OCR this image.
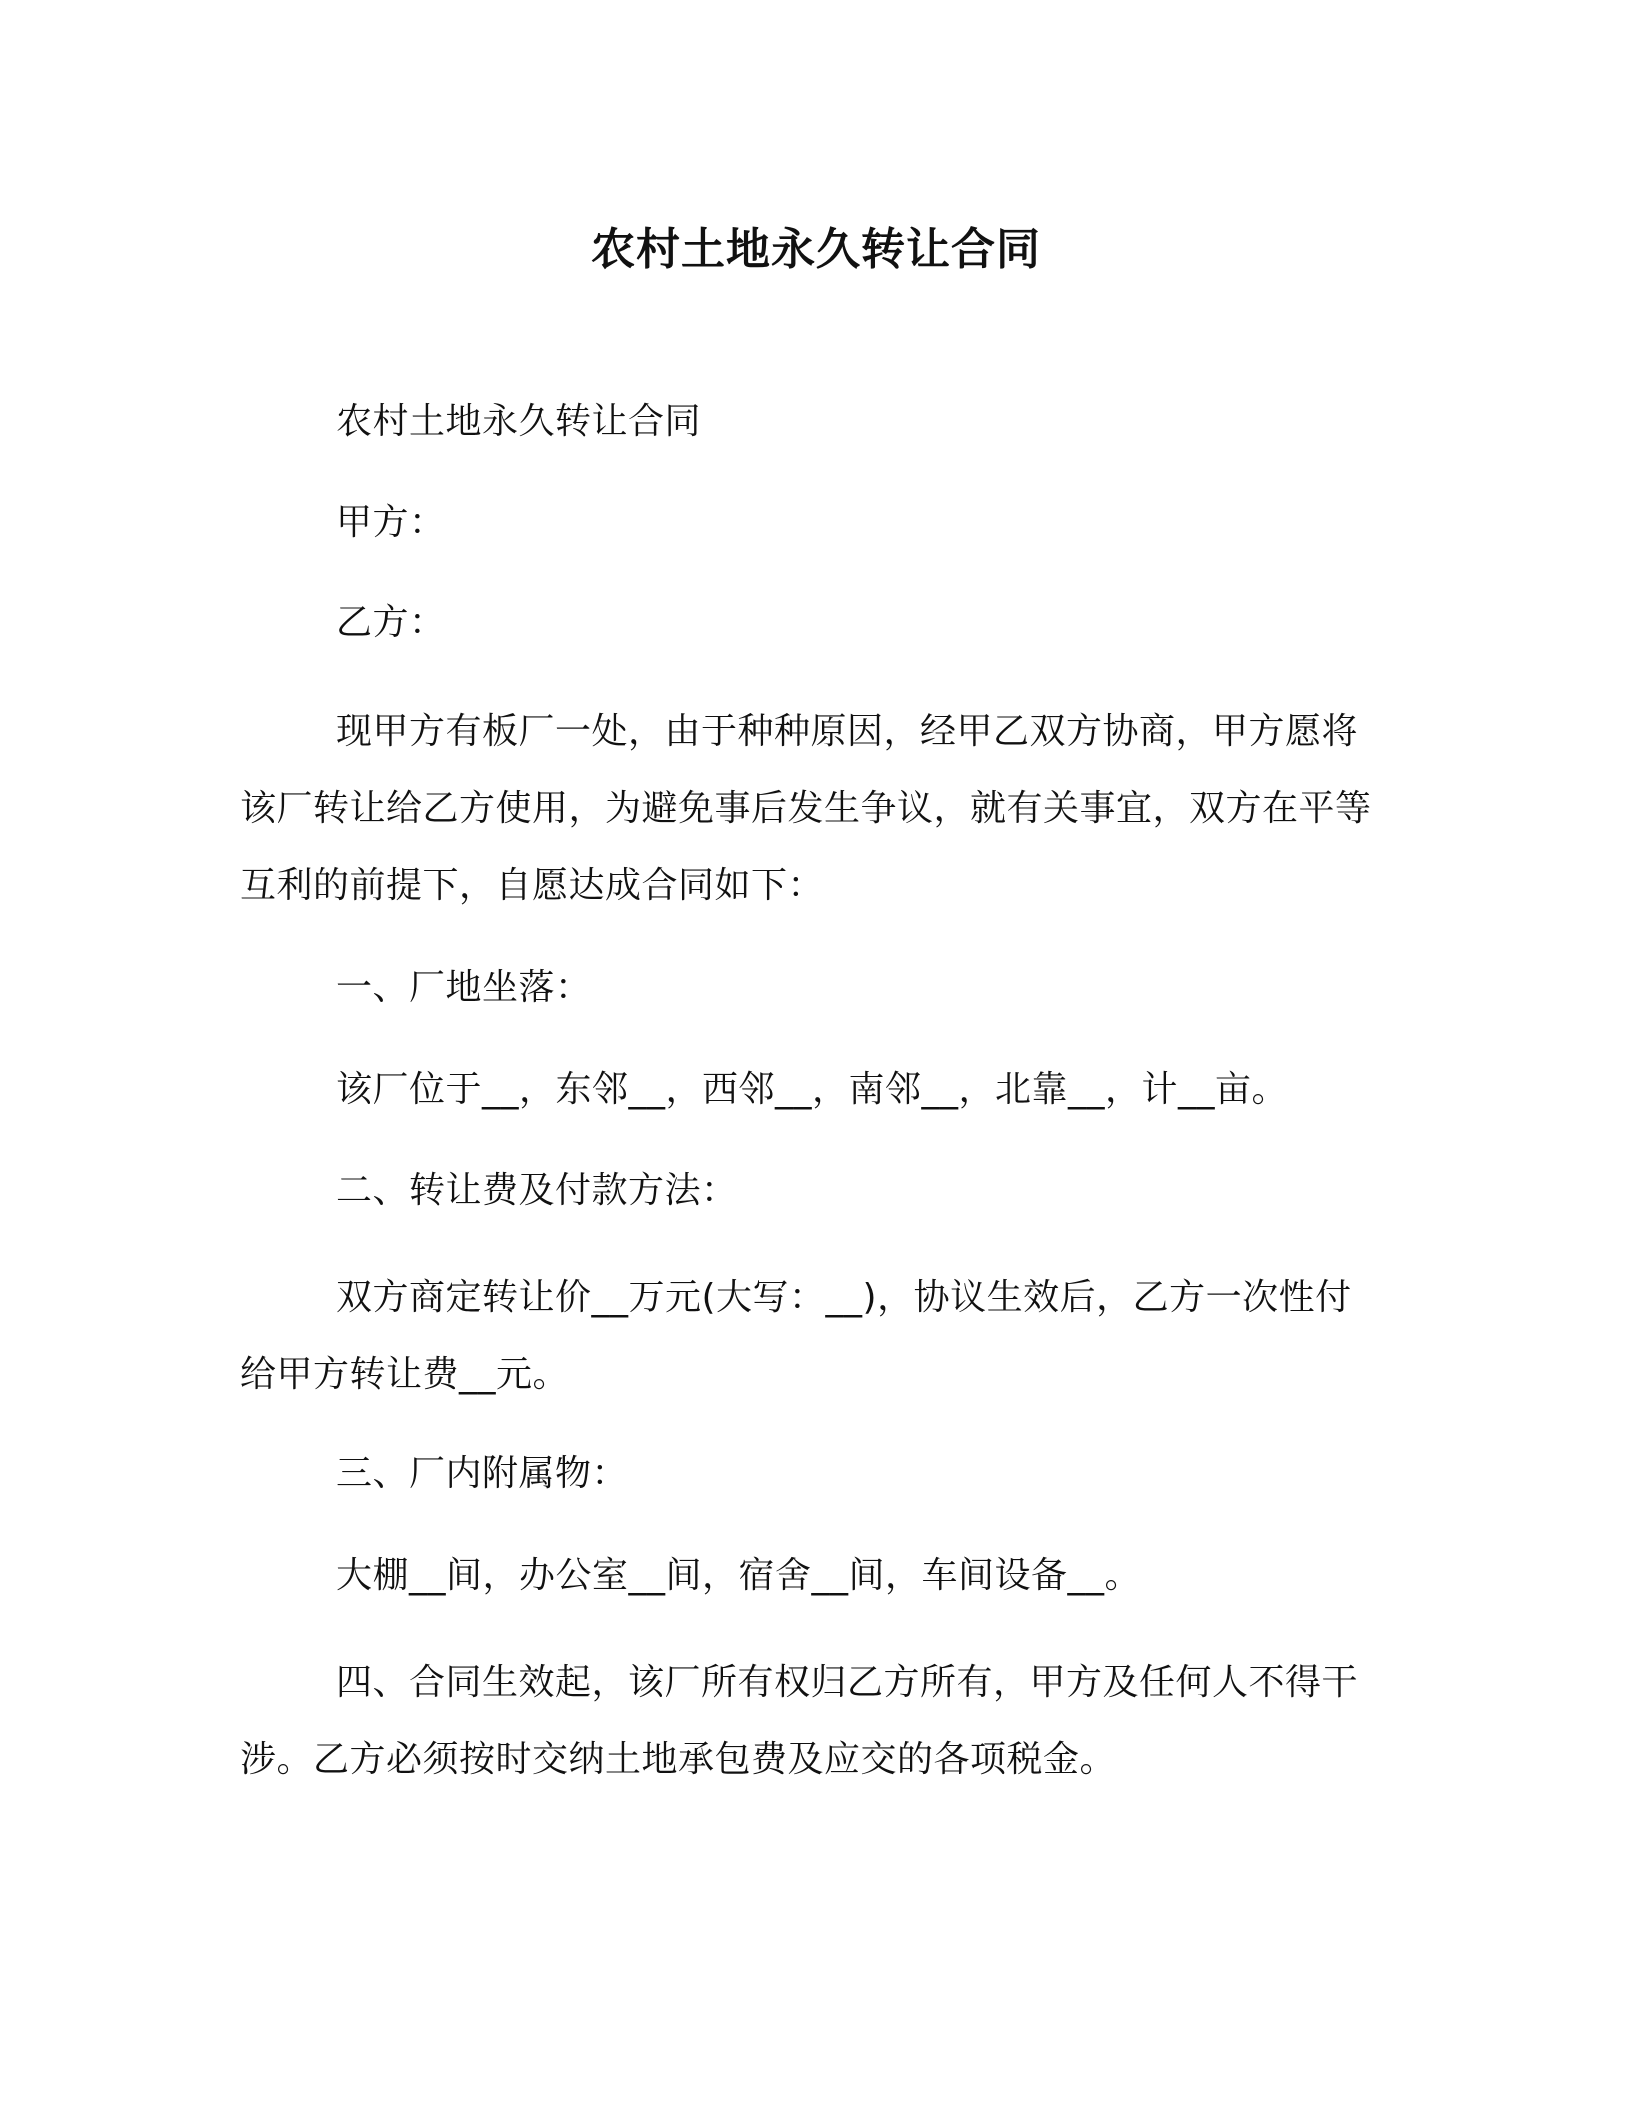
农村土地永久转让合同
农村土地永久转让合同
甲方：
乙方：
现甲方有板厂一处，由于种种原因，经甲乙双方协商，甲方愿将该厂转让给乙方使用，为避免事后发生争议，就有关事宜，双方在平等互利的前提下，自愿达成合同如下：
一、厂地坐落：
该厂位于__，东邻__，西邻__，南邻__，北靠__，计__亩。
二、转让费及付款方法：
双方商定转让价__万元(大写：__)，协议生效后，乙方一次性付给甲方转让费__元。
三、厂内附属物：
大棚__间，办公室__间，宿舍__间，车间设备__。
四、合同生效起，该厂所有权归乙方所有，甲方及任何人不得干涉。乙方必须按时交纳土地承包费及应交的各项税金。
